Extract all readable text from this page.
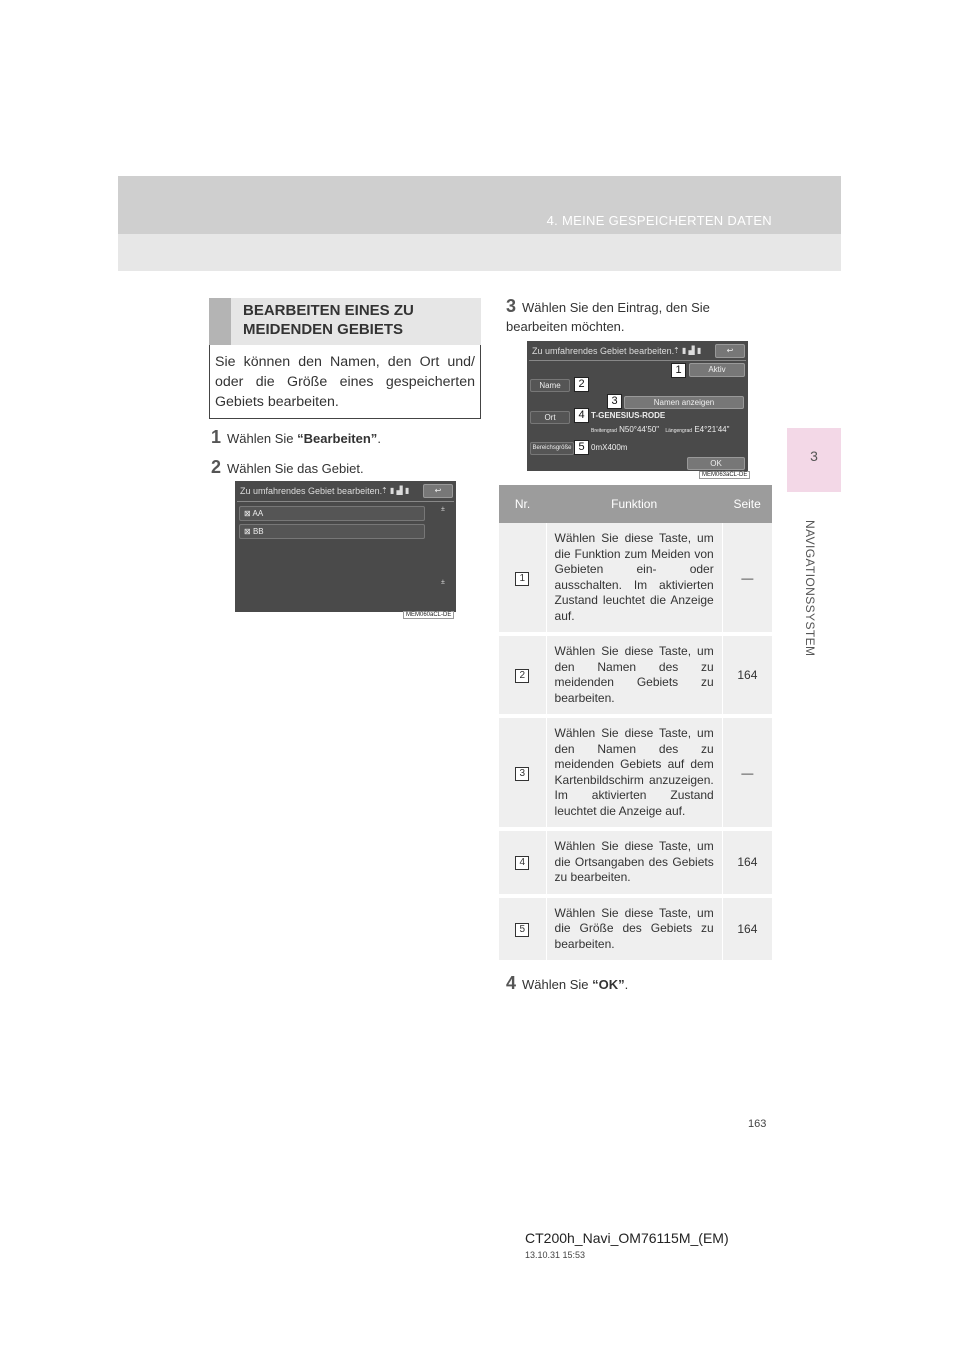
4. MEINE GESPEICHERTEN DATEN
3
NAVIGATIONSSYSTEM
BEARBEITEN EINES ZU MEIDENDEN GEBIETS
Sie können den Namen, den Ort und/ oder die Größe eines gespeicherten Gebiets bearbeiten.
1 Wählen Sie “Bearbeiten”.
2 Wählen Sie das Gebiet.
Zu umfahrendes Gebiet bearbeiten.
⇡ ▮ ▟ ▮	↩
⊠ AA
⊠ BB
±
±
MEM060aCL-DE
3 Wählen Sie den Eintrag, den Sie bearbeiten möchten.
Zu umfahrendes Gebiet bearbeiten.
⇡ ▮ ▟ ▮	↩
1	Aktiv
Name	2
3	Namen anzeigen
Ort	4 T-GENESIUS-RODE
Breitengrad N50°44'50" Längengrad E4°21'44"
Bereichsgröße 5 0mX400m
OK
MEM063aCL-DE
Nr.	Funktion	Seite
1	Wählen Sie diese Taste, um die Funktion zum Meiden von Gebieten ein- oder ausschalten. Im aktivierten Zustand leuchtet die Anzeige auf.	—
2	Wählen Sie diese Taste, um den Namen des zu meidenden Gebiets zu bearbeiten.	164
3	Wählen Sie diese Taste, um den Namen des zu meidenden Gebiets auf dem Kartenbildschirm anzuzeigen. Im aktivierten Zustand leuchtet die Anzeige auf.	—
4	Wählen Sie diese Taste, um die Ortsangaben des Gebiets zu bearbeiten.	164
5	Wählen Sie diese Taste, um die Größe des Gebiets zu bearbeiten.	164
4 Wählen Sie “OK”.
163
CT200h_Navi_OM76115M_(EM)
13.10.31 15:53
